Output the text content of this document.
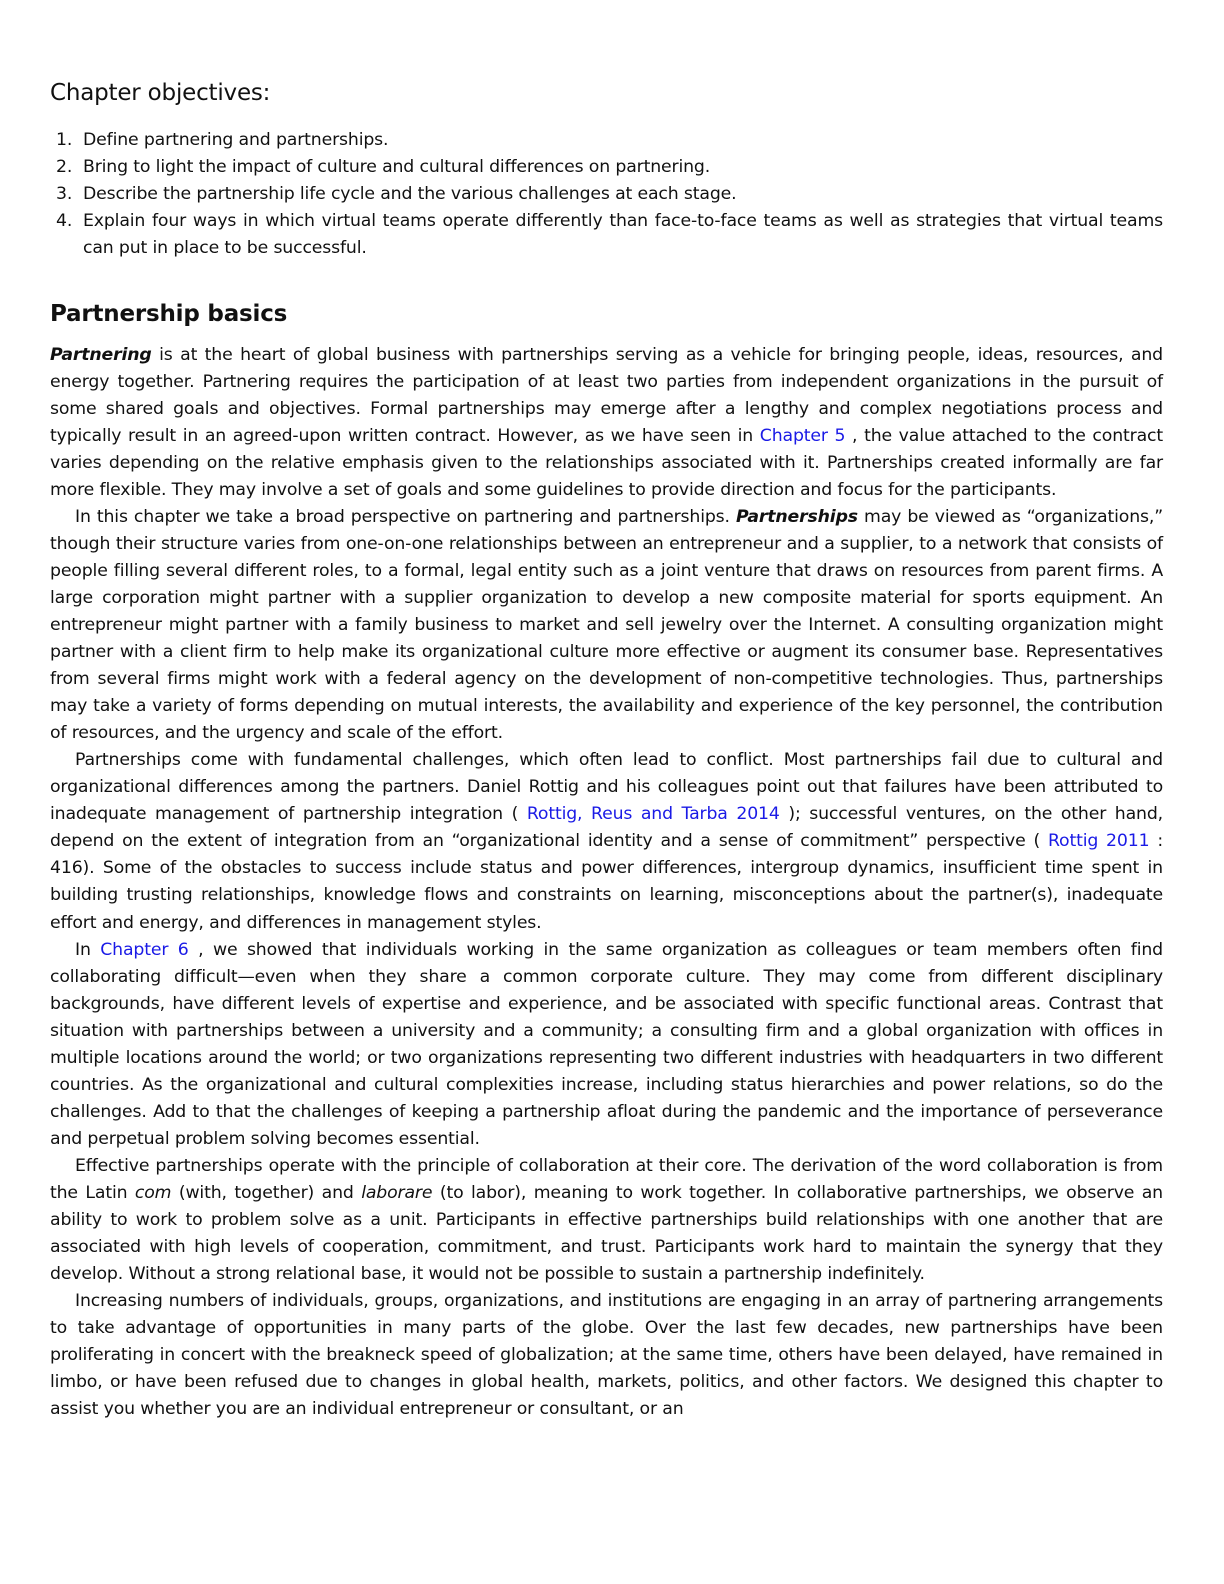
Chapter objectives:
1. Define partnering and partnerships.
2. Bring to light the impact of culture and cultural differences on partnering.
3. Describe the partnership life cycle and the various challenges at each stage.
4. Explain four ways in which virtual teams operate differently than face-to-face teams as well as strategies that virtual teams can put in place to be successful.
Partnership basics

Partnering is at the heart of global business with partnerships serving as a vehicle for bringing people, ideas, resources, and energy together. Partnering requires the participation of at least two parties from independent organizations in the pursuit of some shared goals and objectives. Formal partnerships may emerge after a lengthy and complex negotiations process and typically result in an agreed-upon written contract. However, as we have seen in Chapter 5 , the value attached to the contract varies depending on the relative emphasis given to the relationships associated with it. Partnerships created informally are far more flexible. They may involve a set of goals and some guidelines to provide direction and focus for the participants.

In this chapter we take a broad perspective on partnering and partnerships. Partnerships may be viewed as “organizations,” though their structure varies from one-on-one relationships between an entrepreneur and a supplier, to a network that consists of people filling several different roles, to a formal, legal entity such as a joint venture that draws on resources from parent firms. A large corporation might partner with a supplier organization to develop a new composite material for sports equipment. An entrepreneur might partner with a family business to market and sell jewelry over the Internet. A consulting organization might partner with a client firm to help make its organizational culture more effective or augment its consumer base. Representatives from several firms might work with a federal agency on the development of non-competitive technologies. Thus, partnerships may take a variety of forms depending on mutual interests, the availability and experience of the key personnel, the contribution of resources, and the urgency and scale of the effort.

Partnerships come with fundamental challenges, which often lead to conflict. Most partnerships fail due to cultural and organizational differences among the partners. Daniel Rottig and his colleagues point out that failures have been attributed to inadequate management of partnership integration ( Rottig, Reus and Tarba 2014 ); successful ventures, on the other hand, depend on the extent of integration from an “organizational identity and a sense of commitment” perspective ( Rottig 2011 : 416). Some of the obstacles to success include status and power differences, intergroup dynamics, insufficient time spent in building trusting relationships, knowledge flows and constraints on learning, misconceptions about the partner(s), inadequate effort and energy, and differences in management styles.

In Chapter 6 , we showed that individuals working in the same organization as colleagues or team members often find collaborating difficult—even when they share a common corporate culture. They may come from different disciplinary backgrounds, have different levels of expertise and experience, and be associated with specific functional areas. Contrast that situation with partnerships between a university and a community; a consulting firm and a global organization with offices in multiple locations around the world; or two organizations representing two different industries with headquarters in two different countries. As the organizational and cultural complexities increase, including status hierarchies and power relations, so do the challenges. Add to that the challenges of keeping a partnership afloat during the pandemic and the importance of perseverance and perpetual problem solving becomes essential.

Effective partnerships operate with the principle of collaboration at their core. The derivation of the word collaboration is from the Latin com (with, together) and laborare (to labor), meaning to work together. In collaborative partnerships, we observe an ability to work to problem solve as a unit. Participants in effective partnerships build relationships with one another that are associated with high levels of cooperation, commitment, and trust. Participants work hard to maintain the synergy that they develop. Without a strong relational base, it would not be possible to sustain a partnership indefinitely.

Increasing numbers of individuals, groups, organizations, and institutions are engaging in an array of partnering arrangements to take advantage of opportunities in many parts of the globe. Over the last few decades, new partnerships have been proliferating in concert with the breakneck speed of globalization; at the same time, others have been delayed, have remained in limbo, or have been refused due to changes in global health, markets, politics, and other factors. We designed this chapter to assist you whether you are an individual entrepreneur or consultant, or an
